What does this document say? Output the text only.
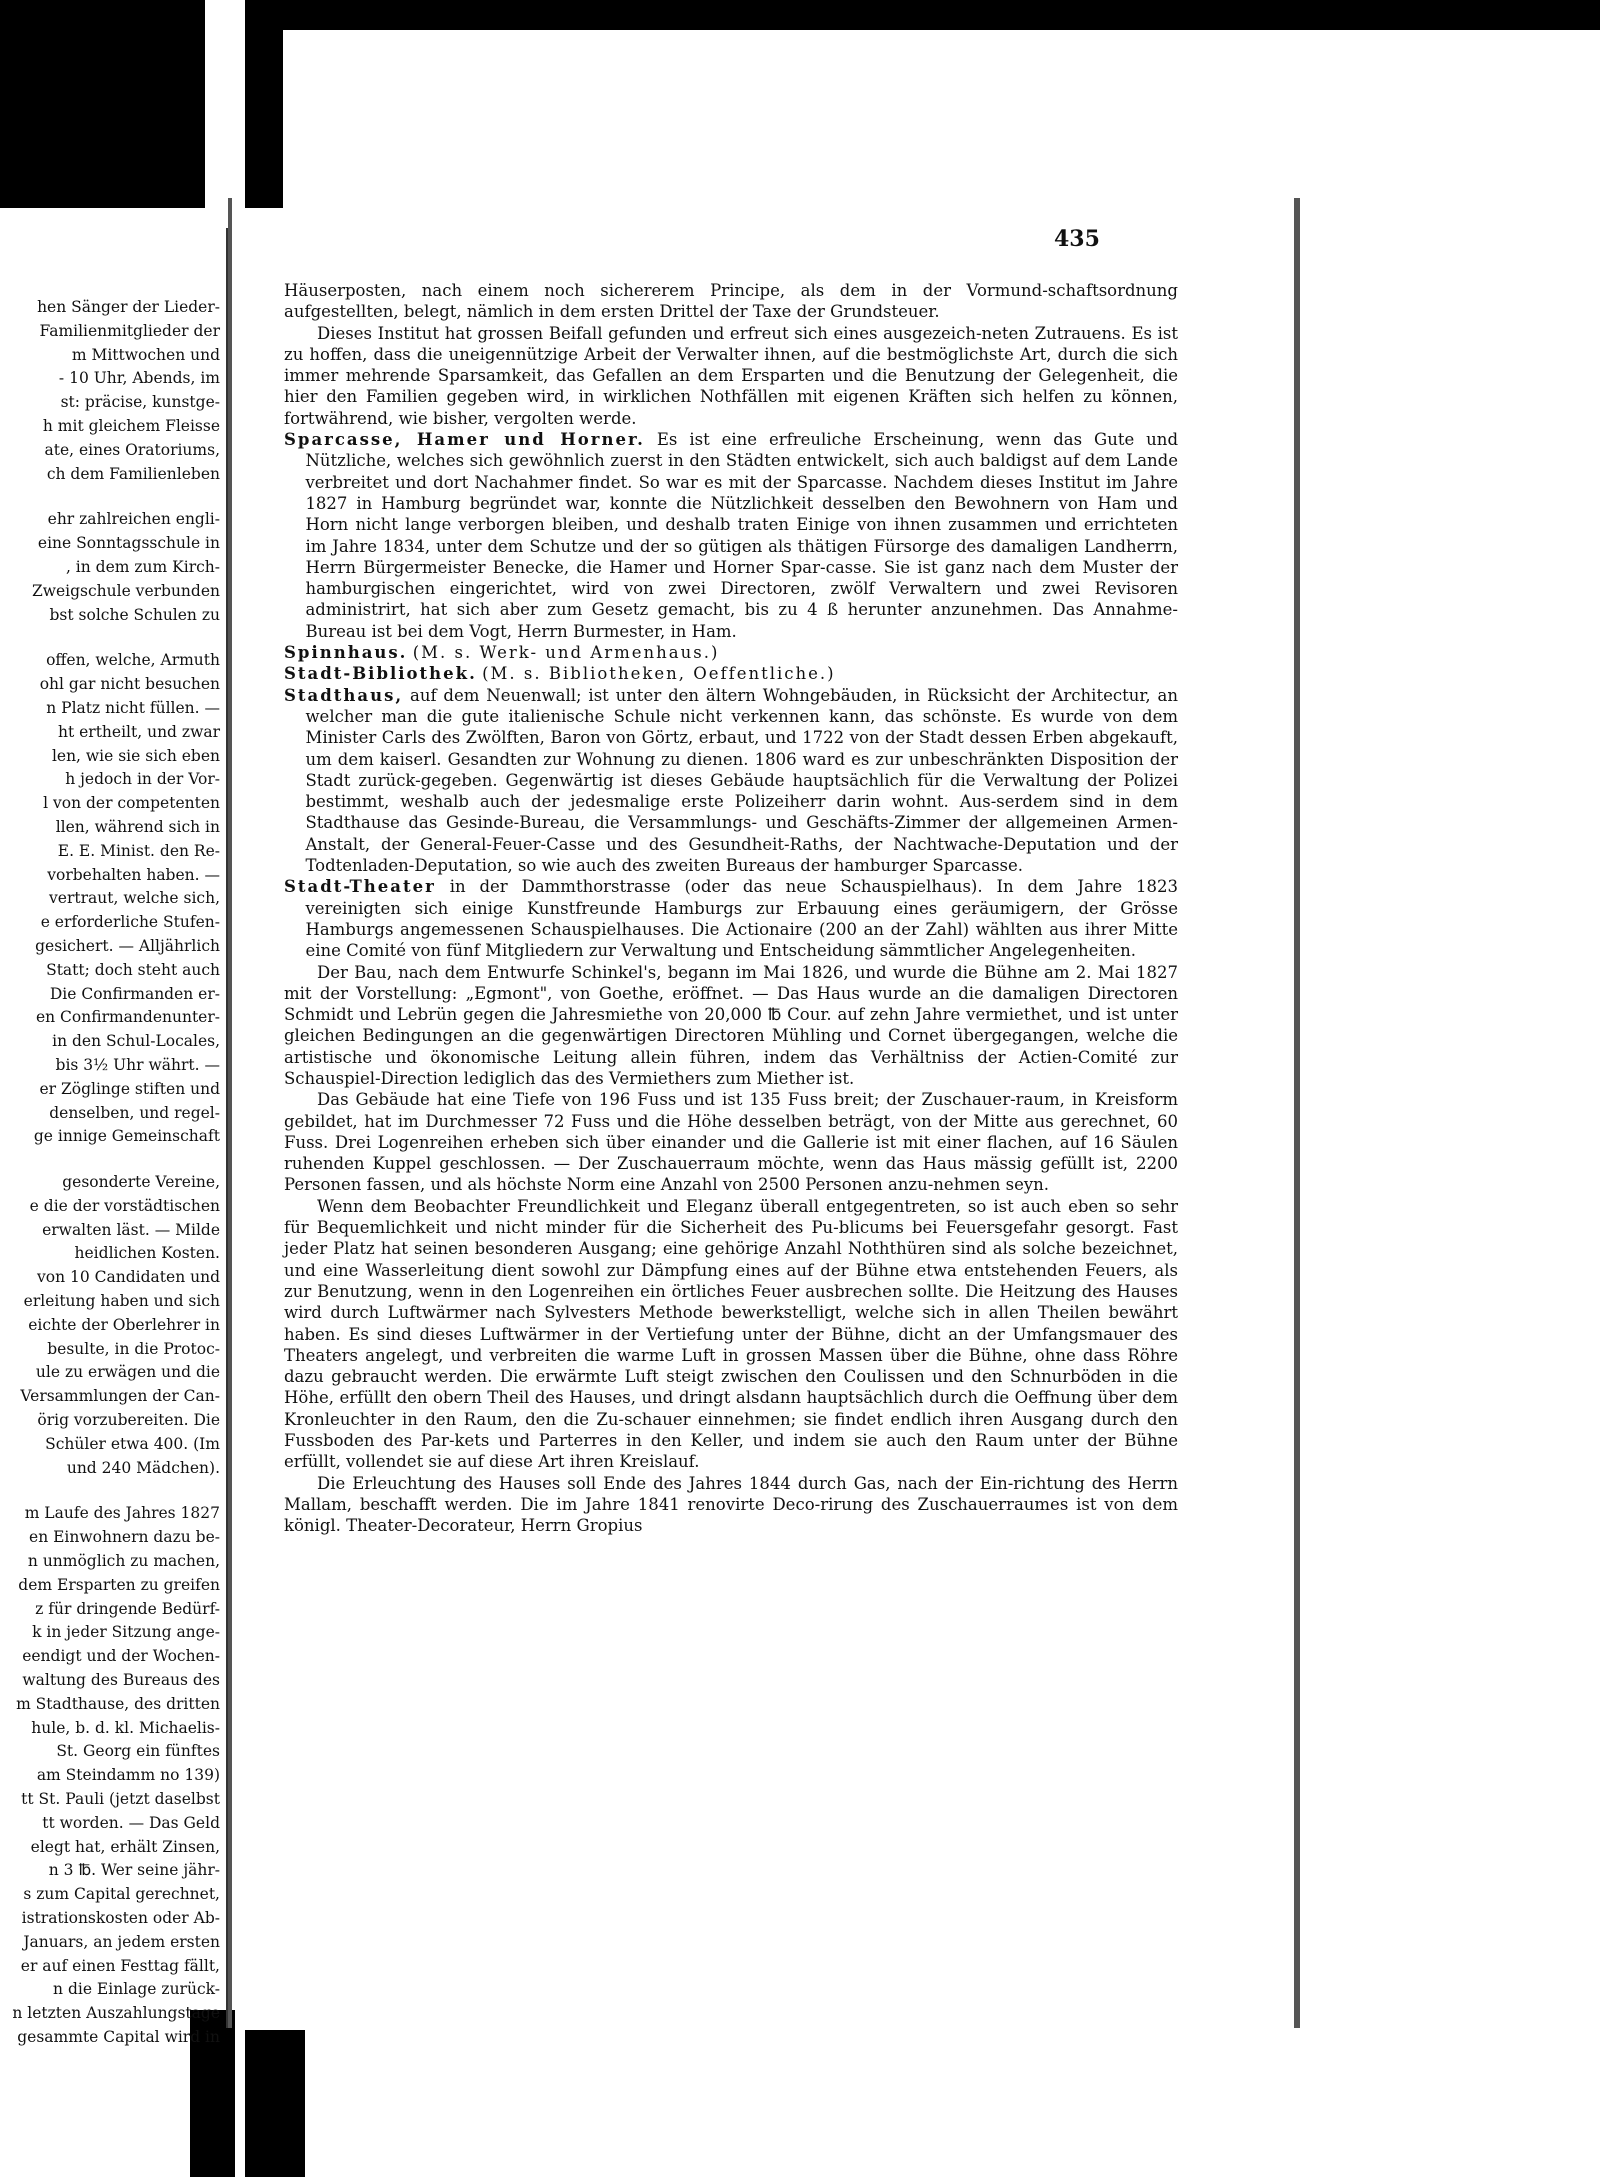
hen Sänger der Lieder-
Familienmitglieder der
m Mittwochen und
- 10 Uhr, Abends, im
st: präcise, kunstge-
h mit gleichem Fleisse
ate, eines Oratoriums,
ch dem Familienleben
ehr zahlreichen engli-
eine Sonntagsschule in
, in dem zum Kirch-
Zweigschule verbunden
bst solche Schulen zu
offen, welche, Armuth
ohl gar nicht besuchen
n Platz nicht füllen. —
ht ertheilt, und zwar
len, wie sie sich eben
h jedoch in der Vor-
l von der competenten
llen, während sich in
E. E. Minist. den Re-
vorbehalten haben. —
vertraut, welche sich,
e erforderliche Stufen-
gesichert. — Alljährlich
Statt; doch steht auch
Die Confirmanden er-
en Confirmandenunter-
in den Schul-Locales,
bis 3½ Uhr währt. —
er Zöglinge stiften und
denselben, und regel-
ge innige Gemeinschaft
gesonderte Vereine,
e die der vorstädtischen
erwalten läst. — Milde
heidlichen Kosten.
von 10 Candidaten und
erleitung haben und sich
eichte der Oberlehrer in
besulte, in die Protoc-
ule zu erwägen und die
Versammlungen der Can-
örig vorzubereiten. Die
Schüler etwa 400. (Im
und 240 Mädchen).
m Laufe des Jahres 1827
en Einwohnern dazu be-
n unmöglich zu machen,
dem Ersparten zu greifen
z für dringende Bedürf-
k in jeder Sitzung ange-
eendigt und der Wochen-
waltung des Bureaus des
m Stadthause, des dritten
hule, b. d. kl. Michaelis-
St. Georg ein fünftes
am Steindamm no 139)
tt St. Pauli (jetzt daselbst
tt worden. — Das Geld
elegt hat, erhält Zinsen,
n 3 ℔. Wer seine jähr-
s zum Capital gerechnet,
istrationskosten oder Ab-
Januars, an jedem ersten
er auf einen Festtag fällt,
n die Einlage zurück-
n letzten Auszahlungstage
gesammte Capital wird in
435

Häuserposten, nach einem noch sichererem Principe, als dem in der Vormund-schaftsordnung aufgestellten, belegt, nämlich in dem ersten Drittel der Taxe der Grundsteuer.

Dieses Institut hat grossen Beifall gefunden und erfreut sich eines ausgezeich-neten Zutrauens. Es ist zu hoffen, dass die uneigennützige Arbeit der Verwalter ihnen, auf die bestmöglichste Art, durch die sich immer mehrende Sparsamkeit, das Gefallen an dem Ersparten und die Benutzung der Gelegenheit, die hier den Familien gegeben wird, in wirklichen Nothfällen mit eigenen Kräften sich helfen zu können, fortwährend, wie bisher, vergolten werde.

Sparcasse, Hamer und Horner. Es ist eine erfreuliche Erscheinung, wenn das Gute und Nützliche, welches sich gewöhnlich zuerst in den Städten entwickelt, sich auch baldigst auf dem Lande verbreitet und dort Nachahmer findet. So war es mit der Sparcasse. Nachdem dieses Institut im Jahre 1827 in Hamburg begründet war, konnte die Nützlichkeit desselben den Bewohnern von Ham und Horn nicht lange verborgen bleiben, und deshalb traten Einige von ihnen zusammen und errichteten im Jahre 1834, unter dem Schutze und der so gütigen als thätigen Fürsorge des damaligen Landherrn, Herrn Bürgermeister Benecke, die Hamer und Horner Spar-casse. Sie ist ganz nach dem Muster der hamburgischen eingerichtet, wird von zwei Directoren, zwölf Verwaltern und zwei Revisoren administrirt, hat sich aber zum Gesetz gemacht, bis zu 4 ß herunter anzunehmen. Das Annahme-Bureau ist bei dem Vogt, Herrn Burmester, in Ham.

Spinnhaus. (M. s. Werk- und Armenhaus.)

Stadt-Bibliothek. (M. s. Bibliotheken, Oeffentliche.)

Stadthaus, auf dem Neuenwall; ist unter den ältern Wohngebäuden, in Rücksicht der Architectur, an welcher man die gute italienische Schule nicht verkennen kann, das schönste. Es wurde von dem Minister Carls des Zwölften, Baron von Görtz, erbaut, und 1722 von der Stadt dessen Erben abgekauft, um dem kaiserl. Gesandten zur Wohnung zu dienen. 1806 ward es zur unbeschränkten Disposition der Stadt zurück-gegeben. Gegenwärtig ist dieses Gebäude hauptsächlich für die Verwaltung der Polizei bestimmt, weshalb auch der jedesmalige erste Polizeiherr darin wohnt. Aus-serdem sind in dem Stadthause das Gesinde-Bureau, die Versammlungs- und Geschäfts-Zimmer der allgemeinen Armen-Anstalt, der General-Feuer-Casse und des Gesundheit-Raths, der Nachtwache-Deputation und der Todtenladen-Deputation, so wie auch des zweiten Bureaus der hamburger Sparcasse.

Stadt-Theater in der Dammthorstrasse (oder das neue Schauspielhaus). In dem Jahre 1823 vereinigten sich einige Kunstfreunde Hamburgs zur Erbauung eines geräumigern, der Grösse Hamburgs angemessenen Schauspielhauses. Die Actionaire (200 an der Zahl) wählten aus ihrer Mitte eine Comité von fünf Mitgliedern zur Verwaltung und Entscheidung sämmtlicher Angelegenheiten.

Der Bau, nach dem Entwurfe Schinkel's, begann im Mai 1826, und wurde die Bühne am 2. Mai 1827 mit der Vorstellung: „Egmont", von Goethe, eröffnet. — Das Haus wurde an die damaligen Directoren Schmidt und Lebrün gegen die Jahresmiethe von 20,000 ℔ Cour. auf zehn Jahre vermiethet, und ist unter gleichen Bedingungen an die gegenwärtigen Directoren Mühling und Cornet übergegangen, welche die artistische und ökonomische Leitung allein führen, indem das Verhältniss der Actien-Comité zur Schauspiel-Direction lediglich das des Vermiethers zum Miether ist.

Das Gebäude hat eine Tiefe von 196 Fuss und ist 135 Fuss breit; der Zuschauer-raum, in Kreisform gebildet, hat im Durchmesser 72 Fuss und die Höhe desselben beträgt, von der Mitte aus gerechnet, 60 Fuss. Drei Logenreihen erheben sich über einander und die Gallerie ist mit einer flachen, auf 16 Säulen ruhenden Kuppel geschlossen. — Der Zuschauerraum möchte, wenn das Haus mässig gefüllt ist, 2200 Personen fassen, und als höchste Norm eine Anzahl von 2500 Personen anzu-nehmen seyn.

Wenn dem Beobachter Freundlichkeit und Eleganz überall entgegentreten, so ist auch eben so sehr für Bequemlichkeit und nicht minder für die Sicherheit des Pu-blicums bei Feuersgefahr gesorgt. Fast jeder Platz hat seinen besonderen Ausgang; eine gehörige Anzahl Noththüren sind als solche bezeichnet, und eine Wasserleitung dient sowohl zur Dämpfung eines auf der Bühne etwa entstehenden Feuers, als zur Benutzung, wenn in den Logenreihen ein örtliches Feuer ausbrechen sollte. Die Heitzung des Hauses wird durch Luftwärmer nach Sylvesters Methode bewerkstelligt, welche sich in allen Theilen bewährt haben. Es sind dieses Luftwärmer in der Vertiefung unter der Bühne, dicht an der Umfangsmauer des Theaters angelegt, und verbreiten die warme Luft in grossen Massen über die Bühne, ohne dass Röhre dazu gebraucht werden. Die erwärmte Luft steigt zwischen den Coulissen und den Schnurböden in die Höhe, erfüllt den obern Theil des Hauses, und dringt alsdann hauptsächlich durch die Oeffnung über dem Kronleuchter in den Raum, den die Zu-schauer einnehmen; sie findet endlich ihren Ausgang durch den Fussboden des Par-kets und Parterres in den Keller, und indem sie auch den Raum unter der Bühne erfüllt, vollendet sie auf diese Art ihren Kreislauf.

Die Erleuchtung des Hauses soll Ende des Jahres 1844 durch Gas, nach der Ein-richtung des Herrn Mallam, beschafft werden. Die im Jahre 1841 renovirte Deco-rirung des Zuschauerraumes ist von dem königl. Theater-Decorateur, Herrn Gropius
